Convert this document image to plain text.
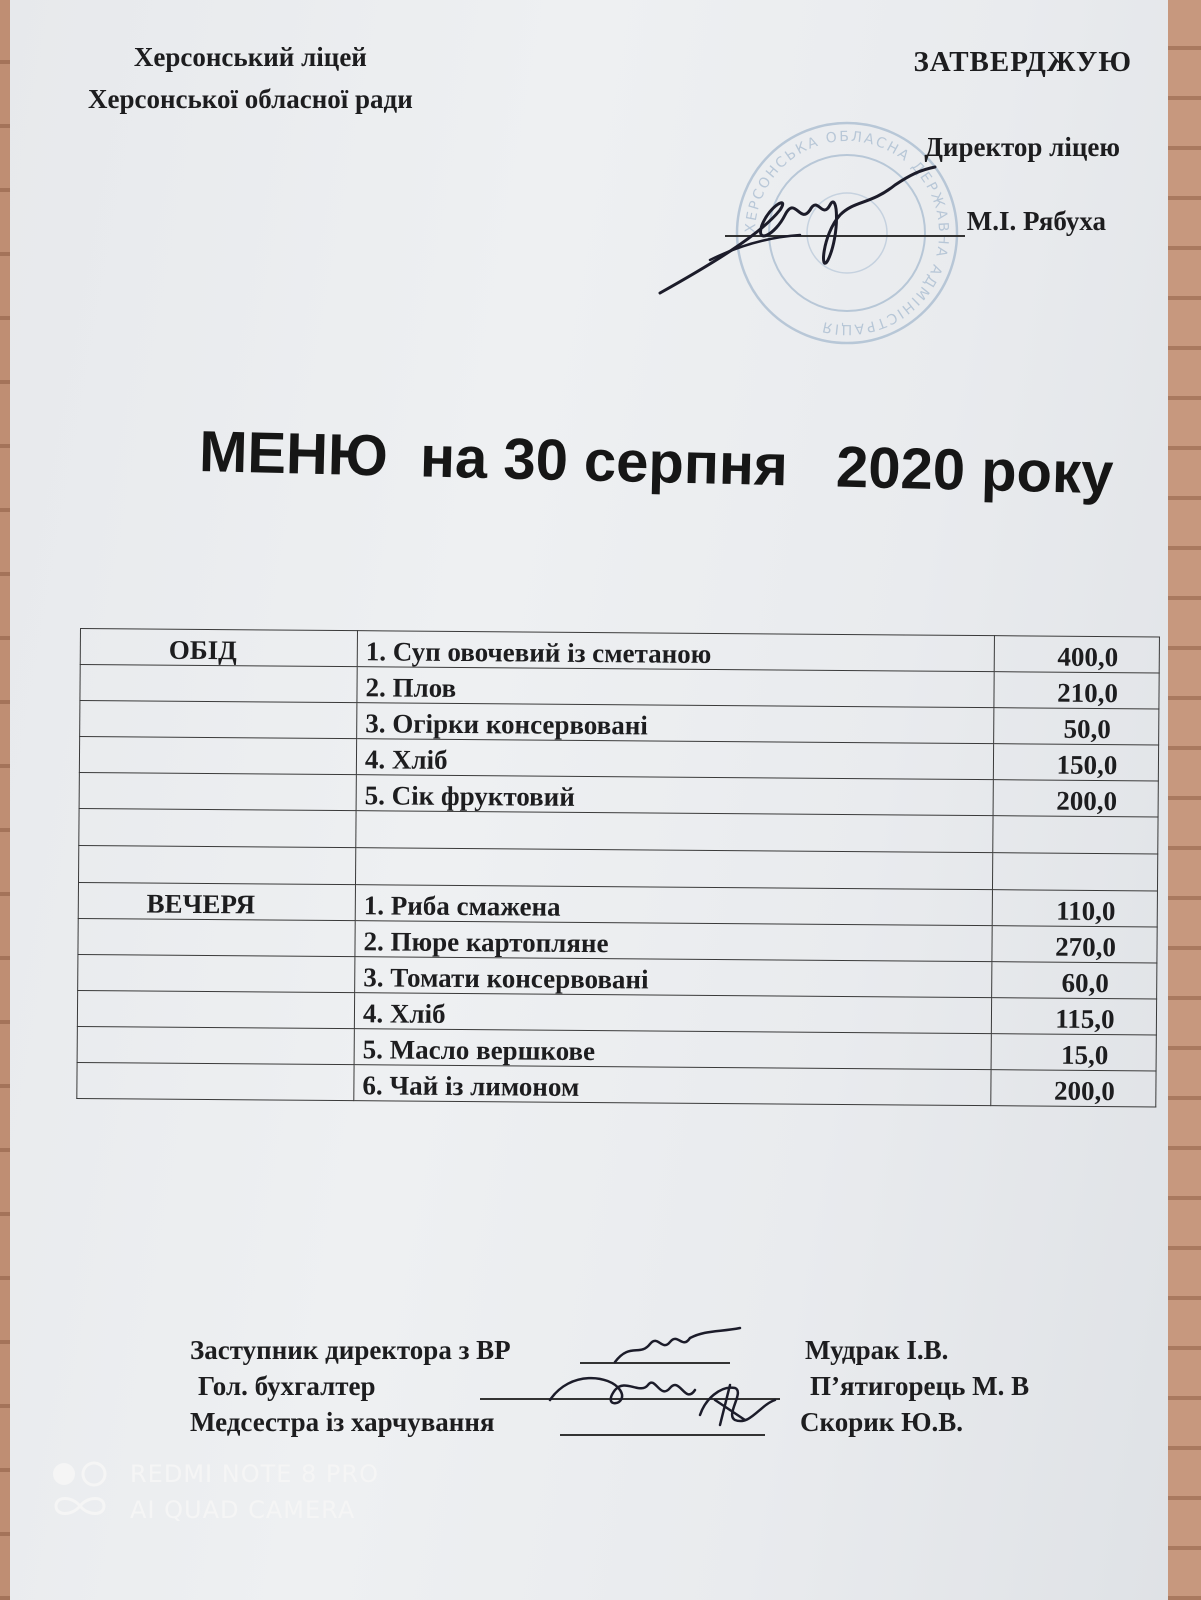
Херсонський ліцей
Херсонської обласної ради
ЗАТВЕРДЖУЮ
ХЕРСОНСЬКА ОБЛАСНА ДЕРЖАВНА АДМІНІСТРАЦІЯ
Директор ліцею
М.І. Рябуха
МЕНЮ  на 30 серпня   2020 року
ОБІД	1. Суп овочевий із сметаною	400,0
	2. Плов	210,0
	3. Огірки консервовані	50,0
	4. Хліб	150,0
	5. Сік фруктовий	200,0

ВЕЧЕРЯ	1. Риба смажена	110,0
	2. Пюре картопляне	270,0
	3. Томати консервовані	60,0
	4. Хліб	115,0
	5. Масло вершкове	15,0
	6. Чай із лимоном	200,0
Заступник директора з ВР	Мудрак І.В.
Гол. бухгалтер	П’ятигорець М. В
Медсестра із харчування	Скорик Ю.В.
REDMI NOTE 8 PRO
AI QUAD CAMERA
